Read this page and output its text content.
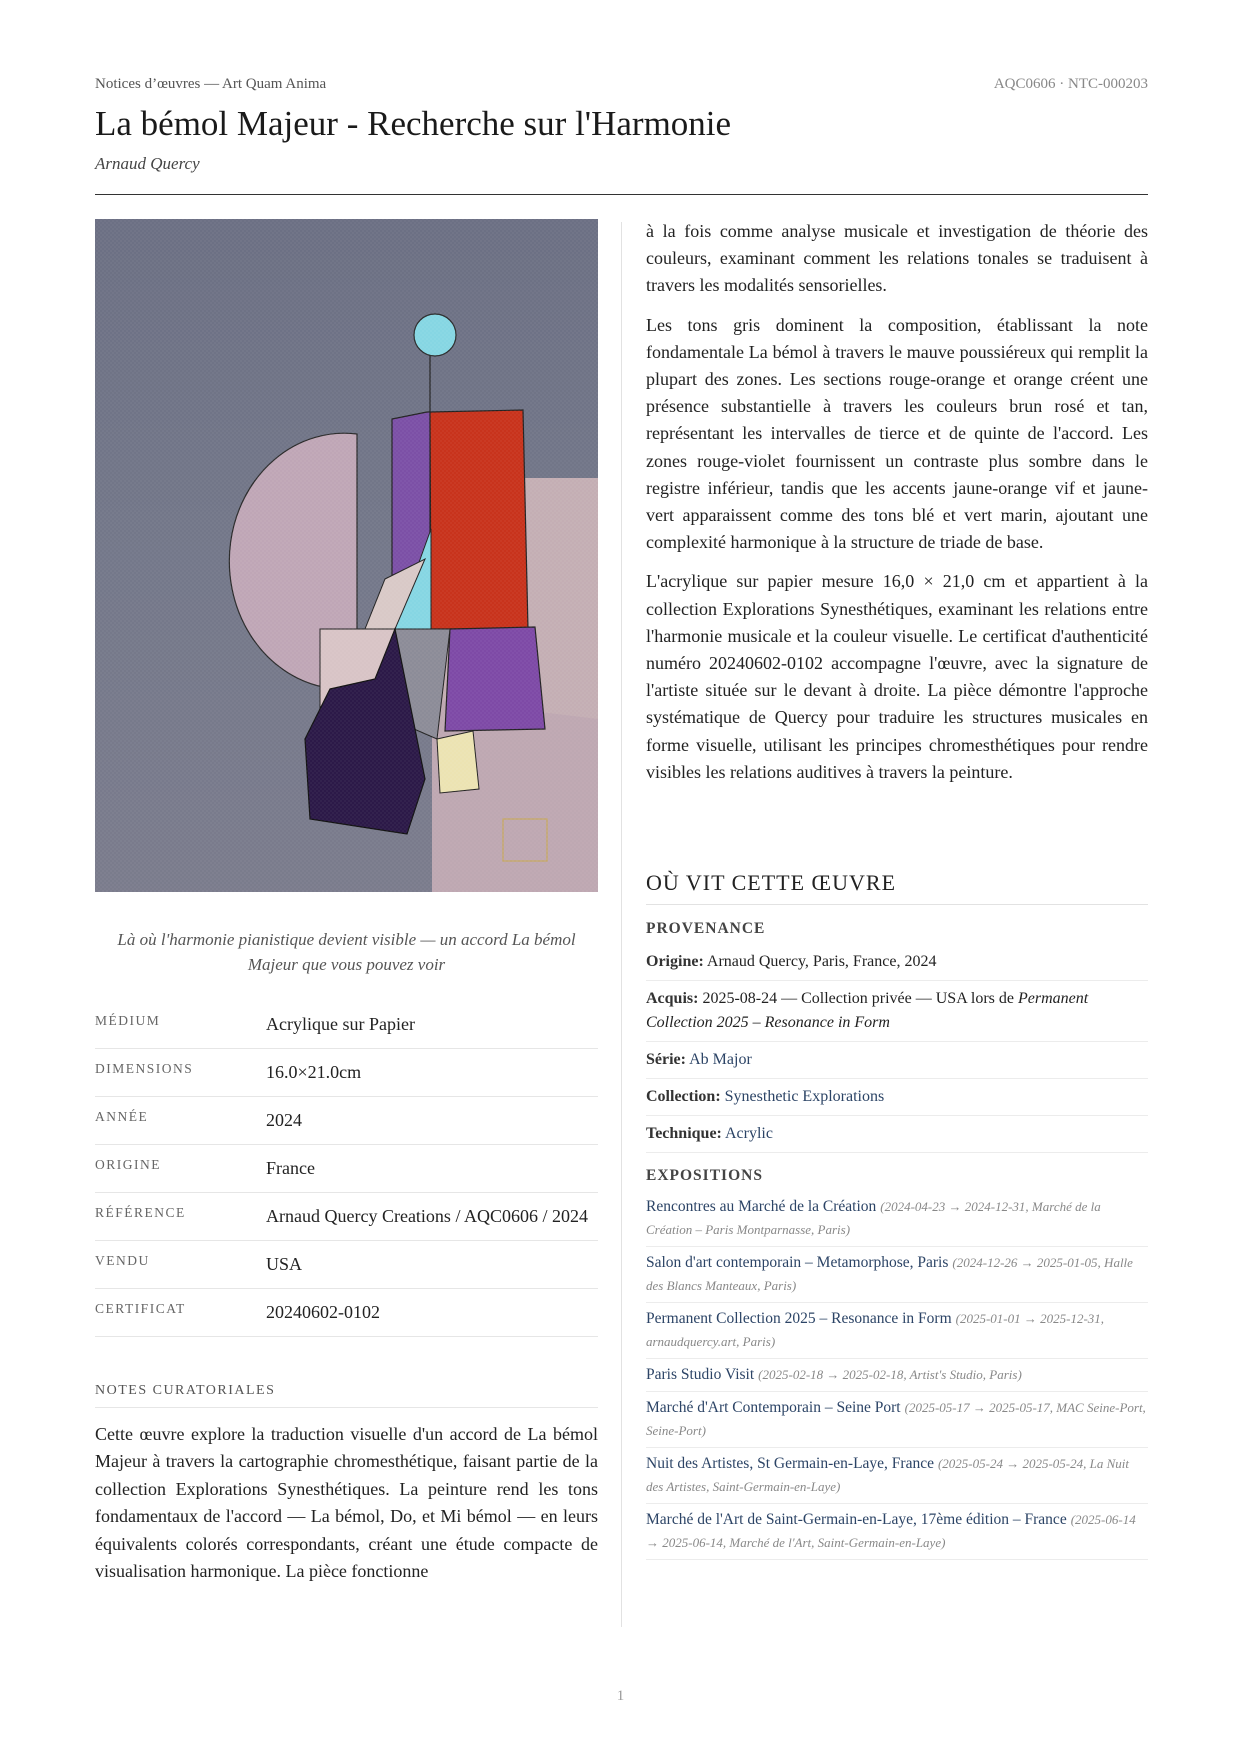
Notices d’œuvres — Art Quam Anima	AQC0606 · NTC-000203
La bémol Majeur - Recherche sur l'Harmonie
Arnaud Quercy
Là où l'harmonie pianistique devient visible — un accord La bémol Majeur que vous pouvez voir
MÉDIUM	Acrylique sur Papier
DIMENSIONS	16.0×21.0cm
ANNÉE	2024
ORIGINE	France
RÉFÉRENCE	Arnaud Quercy Creations / AQC0606 / 2024
VENDU	USA
CERTIFICAT	20240602-0102
NOTES CURATORIALES

Cette œuvre explore la traduction visuelle d'un accord de La bémol Majeur à travers la cartographie chromesthétique, faisant partie de la collection Explorations Synesthétiques. La peinture rend les tons fondamentaux de l'accord — La bémol, Do, et Mi bémol — en leurs équivalents colorés correspondants, créant une étude compacte de visualisation harmonique. La pièce fonctionne

à la fois comme analyse musicale et investigation de théorie des couleurs, examinant comment les relations tonales se traduisent à travers les modalités sensorielles.

Les tons gris dominent la composition, établissant la note fondamentale La bémol à travers le mauve poussiéreux qui remplit la plupart des zones. Les sections rouge-orange et orange créent une présence substantielle à travers les couleurs brun rosé et tan, représentant les intervalles de tierce et de quinte de l'accord. Les zones rouge-violet fournissent un contraste plus sombre dans le registre inférieur, tandis que les accents jaune-orange vif et jaune-vert apparaissent comme des tons blé et vert marin, ajoutant une complexité harmonique à la structure de triade de base.

L'acrylique sur papier mesure 16,0 × 21,0 cm et appartient à la collection Explorations Synesthétiques, examinant les relations entre l'harmonie musicale et la couleur visuelle. Le certificat d'authenticité numéro 20240602-0102 accompagne l'œuvre, avec la signature de l'artiste située sur le devant à droite. La pièce démontre l'approche systématique de Quercy pour traduire les structures musicales en forme visuelle, utilisant les principes chromesthétiques pour rendre visibles les relations auditives à travers la peinture.

OÙ VIT CETTE ŒUVRE
PROVENANCE
Origine: Arnaud Quercy, Paris, France, 2024
Acquis: 2025-08-24 — Collection privée — USA lors de Permanent Collection 2025 – Resonance in Form
Série: Ab Major
Collection: Synesthetic Explorations
Technique: Acrylic
EXPOSITIONS
Rencontres au Marché de la Création (2024-04-23 → 2024-12-31, Marché de la Création – Paris Montparnasse, Paris)
Salon d'art contemporain – Metamorphose, Paris (2024-12-26 → 2025-01-05, Halle des Blancs Manteaux, Paris)
Permanent Collection 2025 – Resonance in Form (2025-01-01 → 2025-12-31, arnaudquercy.art, Paris)
Paris Studio Visit (2025-02-18 → 2025-02-18, Artist's Studio, Paris)
Marché d'Art Contemporain – Seine Port (2025-05-17 → 2025-05-17, MAC Seine-Port, Seine-Port)
Nuit des Artistes, St Germain-en-Laye, France (2025-05-24 → 2025-05-24, La Nuit des Artistes, Saint-Germain-en-Laye)
Marché de l'Art de Saint-Germain-en-Laye, 17ème édition – France (2025-06-14 → 2025-06-14, Marché de l'Art, Saint-Germain-en-Laye)
1
